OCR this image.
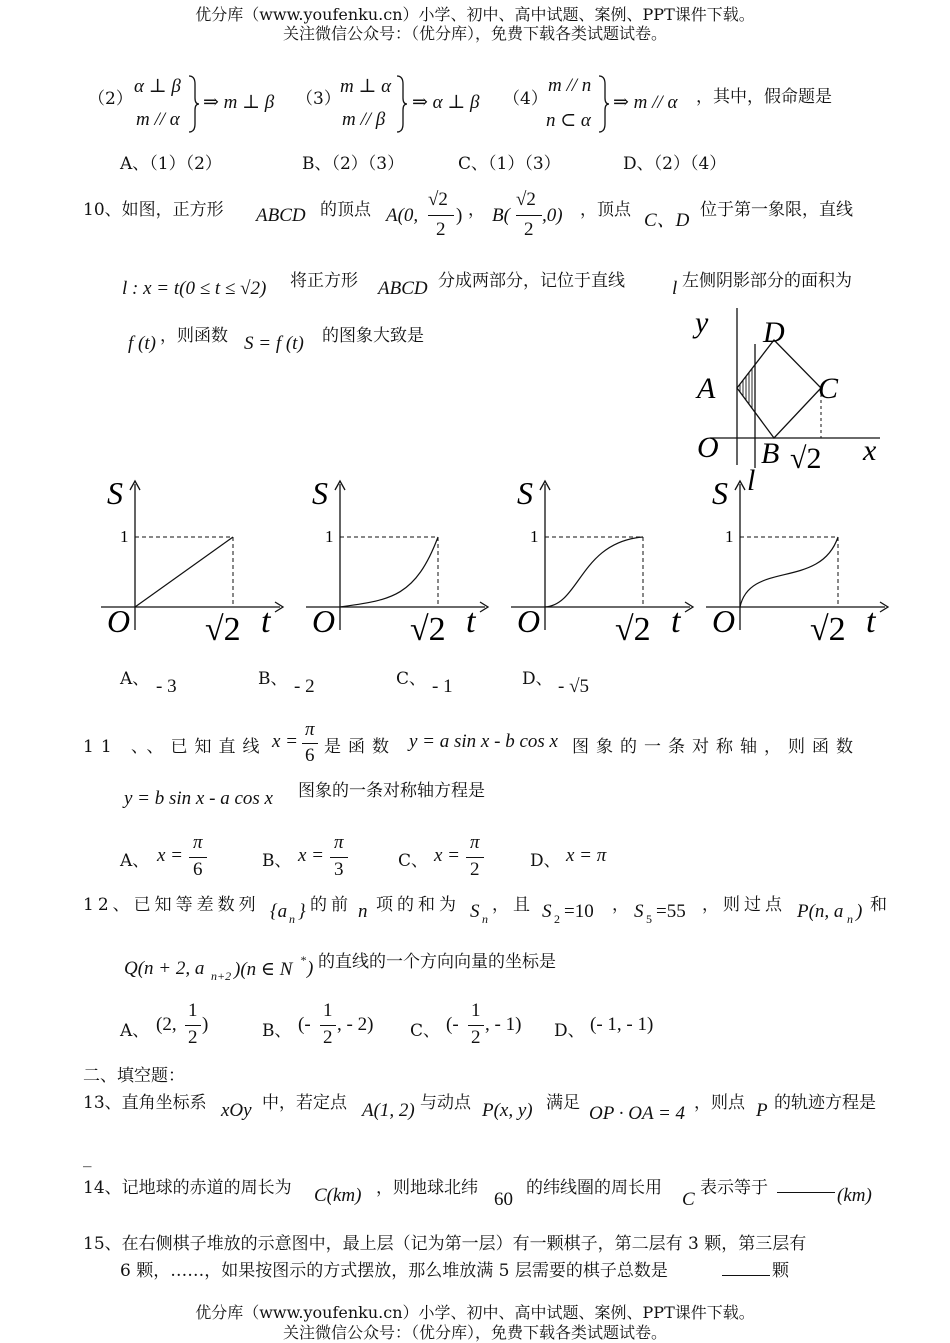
优分库（www.youfenku.cn）小学、初中、高中试题、案例、PPT课件下载。
关注微信公众号：（优分库），免费下载各类试题试卷。
（2）
α ⊥ β
m // α
⇒ m ⊥ β （3）
m ⊥ α
m // β
⇒ α ⊥ β （4）
m // n
n ⊂ α
⇒ m // α ，其中，假命题是
A、（1）（2）	B、（2）（3）	C、（1）（3）	D、（2）（4）
10、如图，正方形 ABCD 的顶点 A(0,
√2
2
) ， B(
√2
2
,0) ，顶点 C、D 位于第一象限，直线
l : x = t(0 ≤ t ≤ √2) 将正方形 ABCD 分成两部分，记位于直线 l 左侧阴影部分的面积为
f (t) ，则函数 S = f (t) 的图象大致是	y
x
O
A
B
C
D
l
√2
S
1
O √2 t
S
1
O √2 t
S
1
O √2 t
S
1
O √2 t
A、 - 3	B、 - 2	C、 - 1	D、 - √5
11 、、已知直线 x =
π
6 是函数 y = a sin x - b cos x 图象的一条对称轴，则函数
y = b sin x - a cos x 图象的一条对称轴方程是
A、 x =
π
6	B、 x =
π
3	C、 x =
π
2	D、 x = π
12、已知等差数列 {a n } 的前 n 项的和为 S n
，且 S 2 =10 ， S 5 =55 ，则过点 P(n, a n ) 和
Q(n + 2, a n+2 )(n ∈ N * ) 的直线的一个方向向量的坐标是
A、 (2,
1
2
)	B、 (-
1
2
, - 2) C、 (-
1
2
, - 1) D、 (- 1, - 1)
二、填空题：
13、直角坐标系 xOy 中，若定点 A(1, 2) 与动点 P(x, y) 满足 OP · OA = 4 ，则点 P 的轨迹方程是
_
14、记地球的赤道的周长为 C(km) ，则地球北纬
60
的纬线圈的周长用
C
表示等于	(km)
15、在右侧棋子堆放的示意图中，最上层（记为第一层）有一颗棋子，第二层有 3 颗，第三层有
6 颗，……，如果按图示的方式摆放，那么堆放满 5 层需要的棋子总数是	颗
优分库（www.youfenku.cn）小学、初中、高中试题、案例、PPT课件下载。
关注微信公众号：（优分库），免费下载各类试题试卷。
